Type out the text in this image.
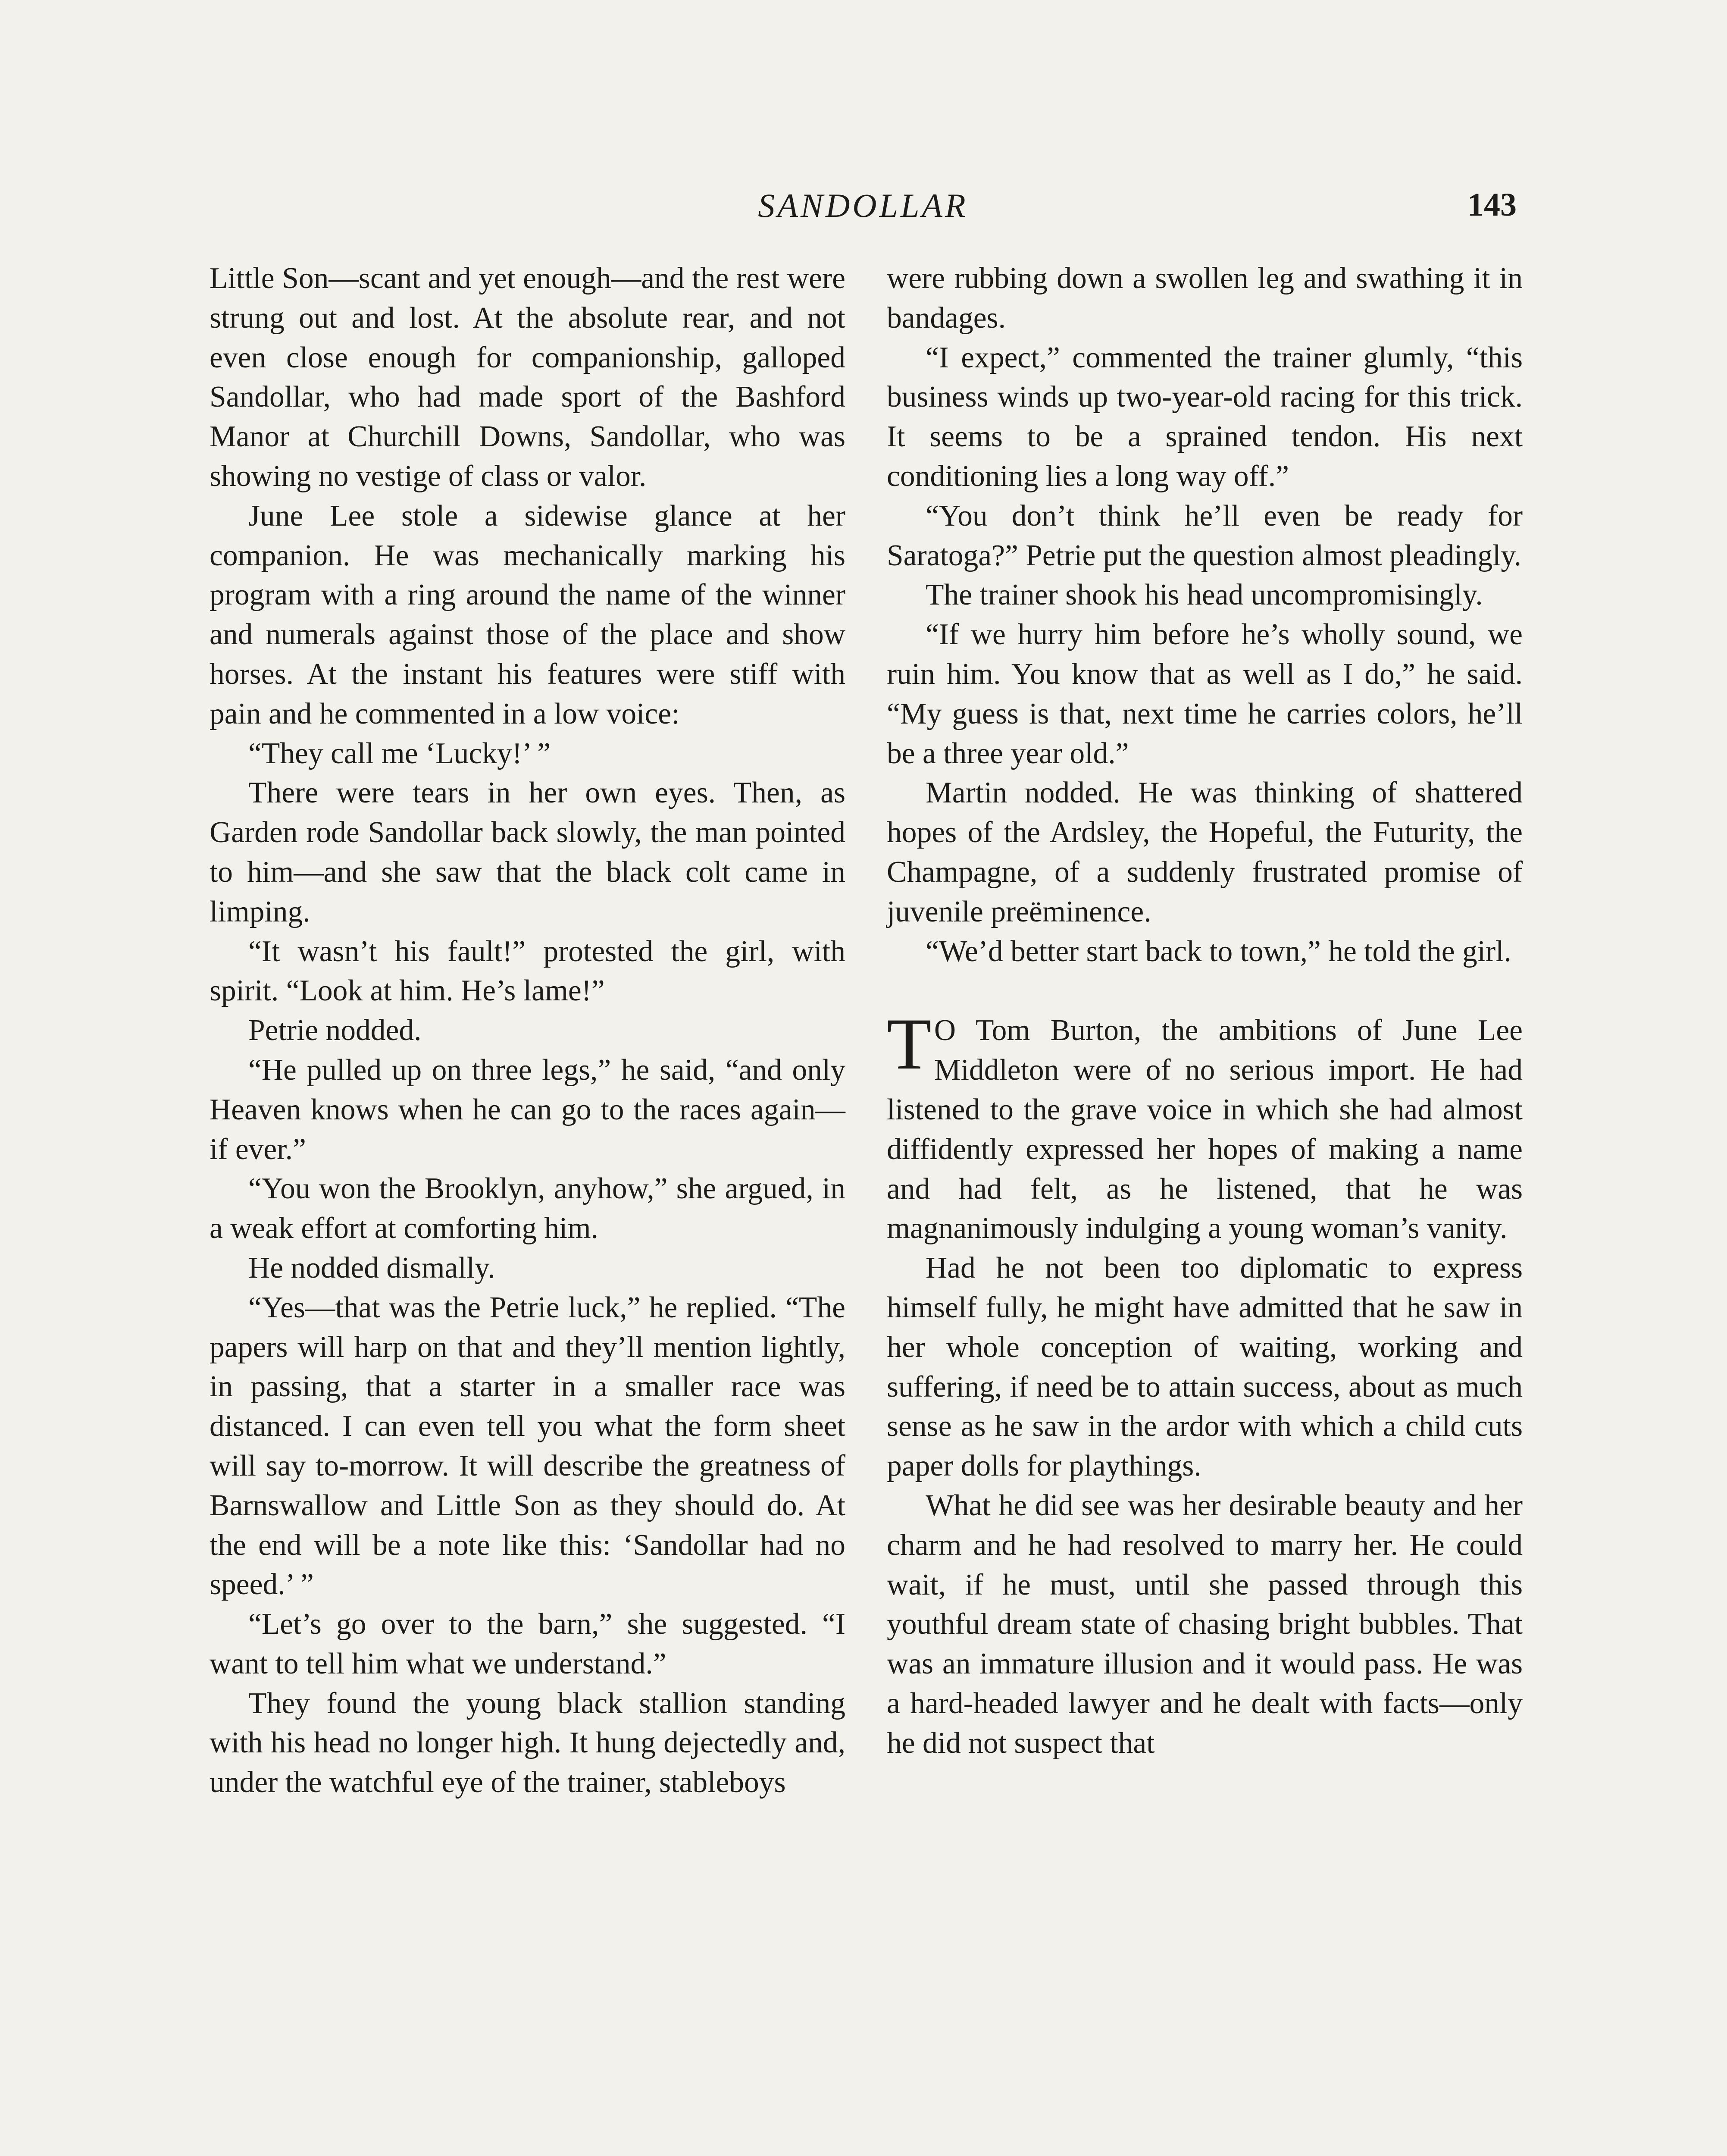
SANDOLLAR	143

Little Son—scant and yet enough—and the rest were strung out and lost. At the absolute rear, and not even close enough for companionship, galloped Sandollar, who had made sport of the Bashford Manor at Churchill Downs, Sandollar, who was showing no vestige of class or valor.

June Lee stole a sidewise glance at her companion. He was mechanically marking his program with a ring around the name of the winner and numerals against those of the place and show horses. At the instant his features were stiff with pain and he commented in a low voice:

“They call me ‘Lucky!’ ”

There were tears in her own eyes. Then, as Garden rode Sandollar back slowly, the man pointed to him—and she saw that the black colt came in limping.

“It wasn’t his fault!” protested the girl, with spirit. “Look at him. He’s lame!”

Petrie nodded.

“He pulled up on three legs,” he said, “and only Heaven knows when he can go to the races again—if ever.”

“You won the Brooklyn, anyhow,” she argued, in a weak effort at comforting him.

He nodded dismally.

“Yes—that was the Petrie luck,” he replied. “The papers will harp on that and they’ll mention lightly, in passing, that a starter in a smaller race was distanced. I can even tell you what the form sheet will say to-morrow. It will describe the greatness of Barnswallow and Little Son as they should do. At the end will be a note like this: ‘Sandollar had no speed.’ ”

“Let’s go over to the barn,” she suggested. “I want to tell him what we understand.”

They found the young black stallion standing with his head no longer high. It hung dejectedly and, under the watchful eye of the trainer, stableboys

were rubbing down a swollen leg and swathing it in bandages.

“I expect,” commented the trainer glumly, “this business winds up two-year-old racing for this trick. It seems to be a sprained tendon. His next conditioning lies a long way off.”

“You don’t think he’ll even be ready for Saratoga?” Petrie put the question almost pleadingly.

The trainer shook his head uncompromisingly.

“If we hurry him before he’s wholly sound, we ruin him. You know that as well as I do,” he said. “My guess is that, next time he carries colors, he’ll be a three year old.”

Martin nodded. He was thinking of shattered hopes of the Ardsley, the Hopeful, the Futurity, the Champagne, of a suddenly frustrated promise of juvenile preëminence.

“We’d better start back to town,” he told the girl.

T O Tom Burton, the ambitions of June Lee Middleton were of no serious import. He had listened to the grave voice in which she had almost diffidently expressed her hopes of making a name and had felt, as he listened, that he was magnanimously indulging a young woman’s vanity.

Had he not been too diplomatic to express himself fully, he might have admitted that he saw in her whole conception of waiting, working and suffering, if need be to attain success, about as much sense as he saw in the ardor with which a child cuts paper dolls for playthings.

What he did see was her desirable beauty and her charm and he had resolved to marry her. He could wait, if he must, until she passed through this youthful dream state of chasing bright bubbles. That was an immature illusion and it would pass. He was a hard-headed lawyer and he dealt with facts—only he did not suspect that
